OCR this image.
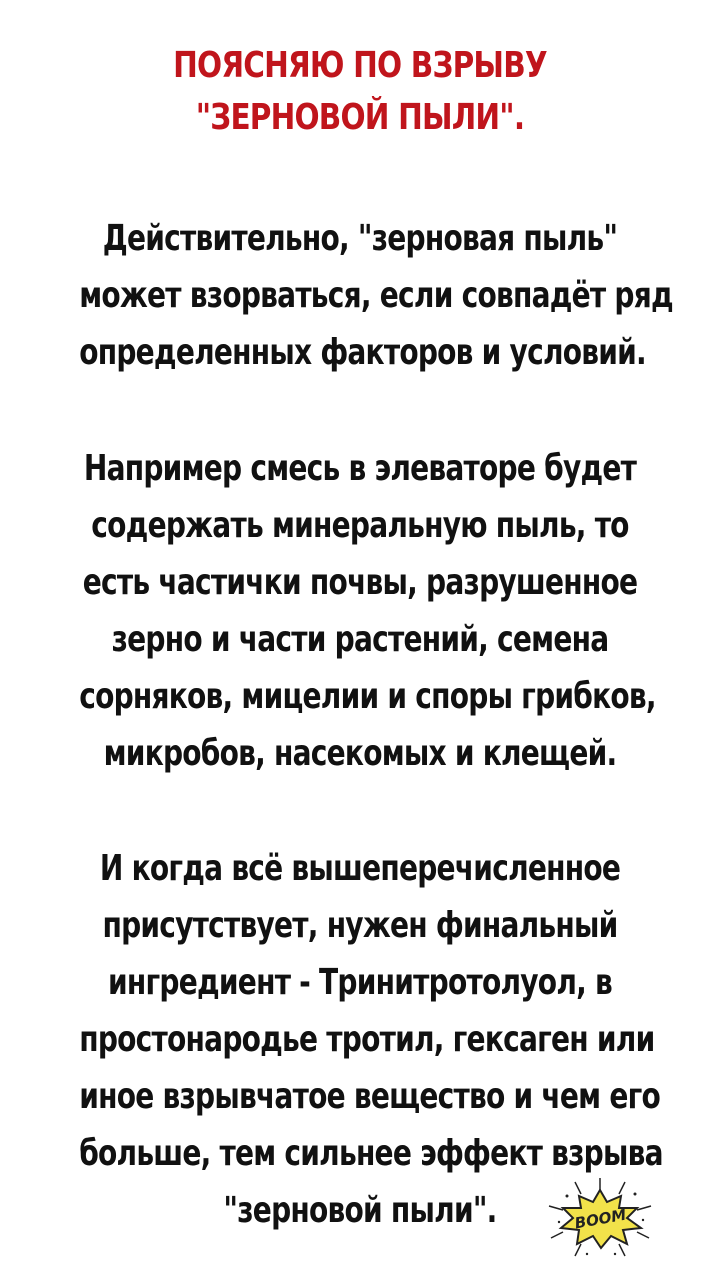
ПОЯСНЯЮ ПО ВЗРЫВУ
"ЗЕРНОВОЙ ПЫЛИ".

Действительно, "зерновая пыль"
может взорваться, если совпадёт ряд
определенных факторов и условий.

Например смесь в элеваторе будет
содержать минеральную пыль, то
есть частички почвы, разрушенное
зерно и части растений, семена
сорняков, мицелии и споры грибков,
микробов, насекомых и клещей.

И когда всё вышеперечисленное
присутствует, нужен финальный
ингредиент - Тринитротолуол, в
простонародье тротил, гексаген или
иное взрывчатое вещество и чем его
больше, тем сильнее эффект взрыва
"зерновой пыли".	BOOM
